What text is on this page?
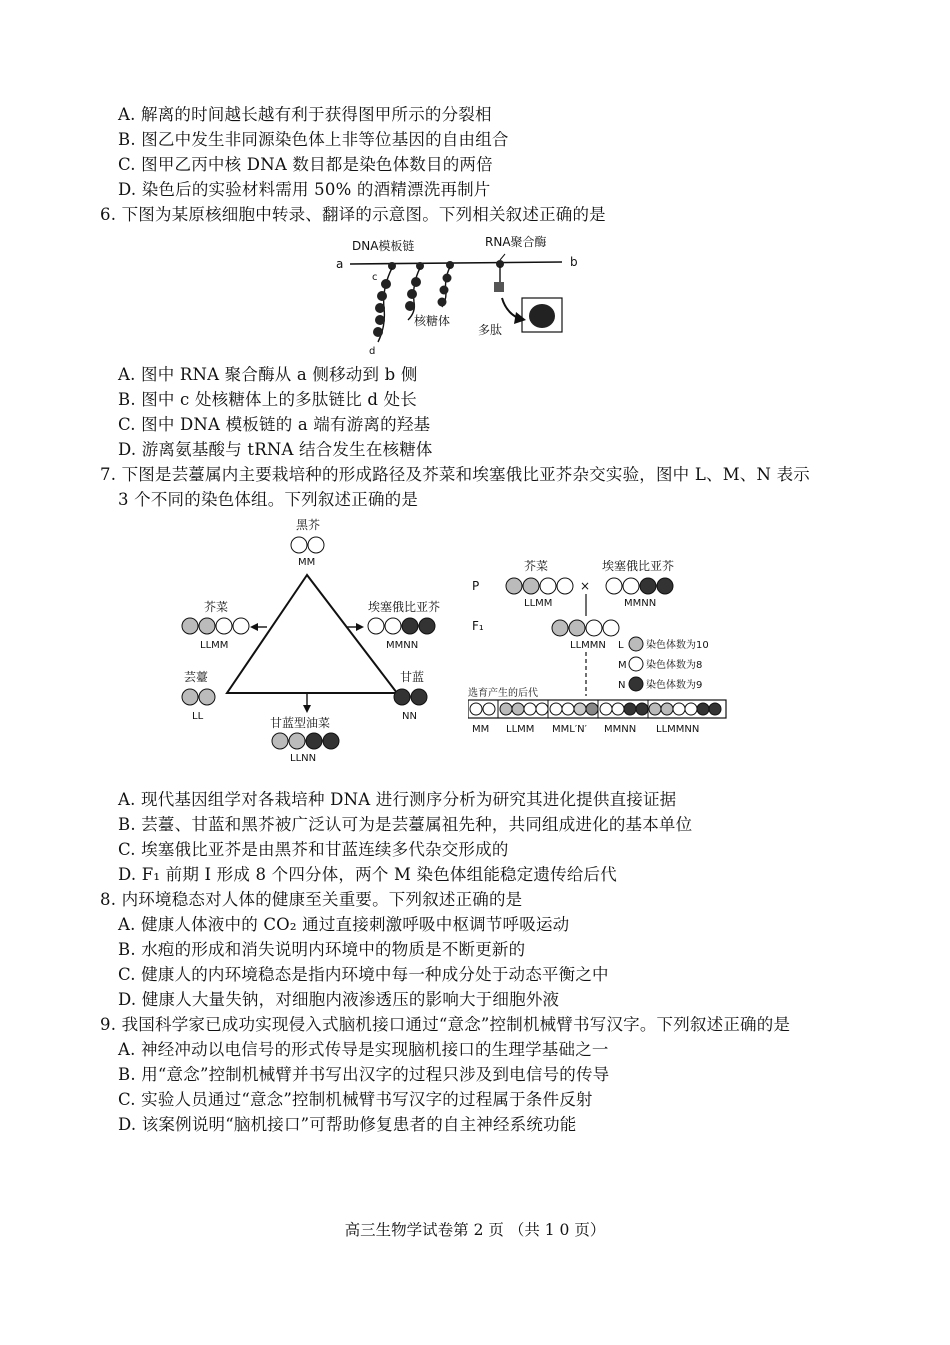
A. 解离的时间越长越有利于获得图甲所示的分裂相
B. 图乙中发生非同源染色体上非等位基因的自由组合
C. 图甲乙丙中核 DNA 数目都是染色体数目的两倍
D. 染色后的实验材料需用 50% 的酒精漂洗再制片
6. 下图为某原核细胞中转录、翻译的示意图。下列相关叙述正确的是
DNA模板链	RNA聚合酶
a	b
c
d
核糖体
多肽
A. 图中 RNA 聚合酶从 a 侧移动到 b 侧
B. 图中 c 处核糖体上的多肽链比 d 处长
C. 图中 DNA 模板链的 a 端有游离的羟基
D. 游离氨基酸与 tRNA 结合发生在核糖体
7. 下图是芸薹属内主要栽培种的形成路径及芥菜和埃塞俄比亚芥杂交实验，图中 L、M、N 表示
3 个不同的染色体组。下列叙述正确的是
黑芥
MM
芥菜
LLMM
埃塞俄比亚芥
MMNN
芸薹
LL
甘蓝
NN
甘蓝型油菜
LLNN
P
芥菜
LLMM
×
埃塞俄比亚芥
MMNN
F₁
LLMMN L 染色体数为10
M 染色体数为8
N 染色体数为9
选育产生的后代
MM LLMM MML′N′ MMNN LLMMNN
A. 现代基因组学对各栽培种 DNA 进行测序分析为研究其进化提供直接证据
B. 芸薹、甘蓝和黑芥被广泛认可为是芸薹属祖先种，共同组成进化的基本单位
C. 埃塞俄比亚芥是由黑芥和甘蓝连续多代杂交形成的
D. F₁ 前期 Ⅰ 形成 8 个四分体，两个 M 染色体组能稳定遗传给后代
8. 内环境稳态对人体的健康至关重要。下列叙述正确的是
A. 健康人体液中的 CO₂ 通过直接刺激呼吸中枢调节呼吸运动
B. 水疱的形成和消失说明内环境中的物质是不断更新的
C. 健康人的内环境稳态是指内环境中每一种成分处于动态平衡之中
D. 健康人大量失钠，对细胞内液渗透压的影响大于细胞外液
9. 我国科学家已成功实现侵入式脑机接口通过“意念”控制机械臂书写汉字。下列叙述正确的是
A. 神经冲动以电信号的形式传导是实现脑机接口的生理学基础之一
B. 用“意念”控制机械臂并书写出汉字的过程只涉及到电信号的传导
C. 实验人员通过“意念”控制机械臂书写汉字的过程属于条件反射
D. 该案例说明“脑机接口”可帮助修复患者的自主神经系统功能
高三生物学试卷第 2 页 （共 1 0 页）
